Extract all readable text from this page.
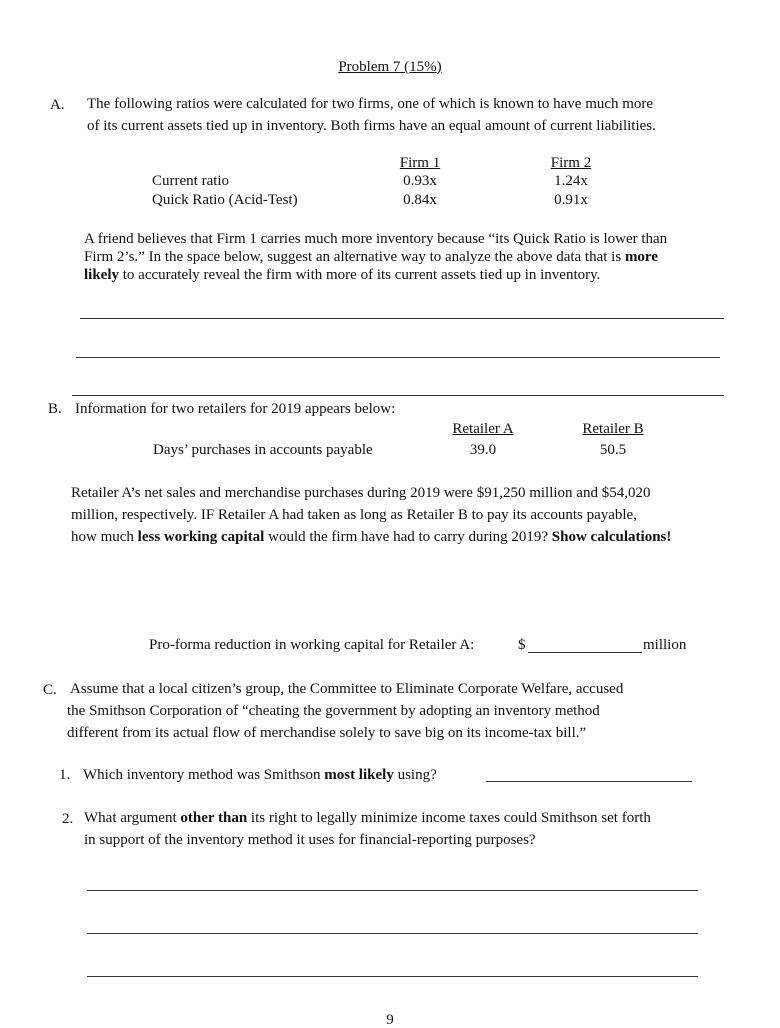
Problem 7 (15%)
A. The following ratios were calculated for two firms, one of which is known to have much more
of its current assets tied up in inventory. Both firms have an equal amount of current liabilities.
Firm 1	Firm 2
Current ratio	0.93x	1.24x
Quick Ratio (Acid-Test)	0.84x	0.91x
A friend believes that Firm 1 carries much more inventory because “its Quick Ratio is lower than
Firm 2’s.” In the space below, suggest an alternative way to analyze the above data that is more
likely to accurately reveal the firm with more of its current assets tied up in inventory.
B. Information for two retailers for 2019 appears below:
Retailer A	Retailer B
Days’ purchases in accounts payable	39.0	50.5
Retailer A’s net sales and merchandise purchases during 2019 were $91,250 million and $54,020
million, respectively. IF Retailer A had taken as long as Retailer B to pay its accounts payable,
how much less working capital would the firm have had to carry during 2019? Show calculations!
Pro-forma reduction in working capital for Retailer A:	$	million
C. Assume that a local citizen’s group, the Committee to Eliminate Corporate Welfare, accused
the Smithson Corporation of “cheating the government by adopting an inventory method
different from its actual flow of merchandise solely to save big on its income-tax bill.”
1. Which inventory method was Smithson most likely using?
2. What argument other than its right to legally minimize income taxes could Smithson set forth
in support of the inventory method it uses for financial-reporting purposes?
9
